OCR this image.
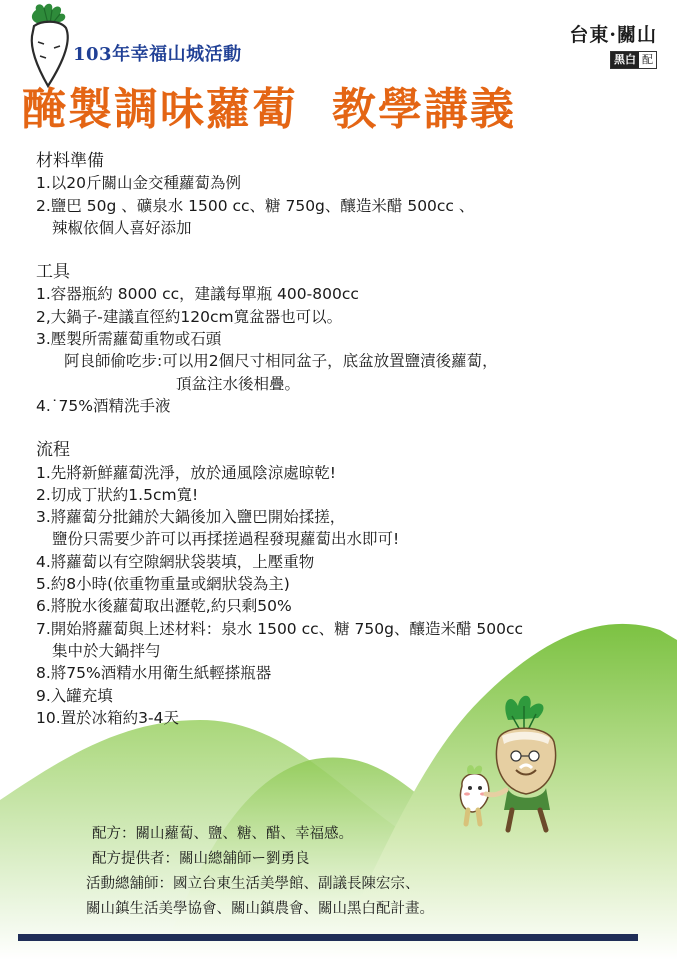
103年幸福山城活動
台東·關山
黑白 配
醃製調味蘿蔔 教學講義
材料準備
1.以20斤關山金交種蘿蔔為例
2.鹽巴 50g 、礦泉水 1500 cc、糖 750g、釀造米醋 500cc 、
辣椒依個人喜好添加
工具
1.容器瓶約 8000 cc，建議每單瓶 400-800cc
2,大鍋子-建議直徑約120cm寬盆器也可以。
3.壓製所需蘿蔔重物或石頭
阿良師偷吃步:可以用2個尺寸相同盆子，底盆放置鹽漬後蘿蔔，
頂盆注水後相疊。
4.˙75%酒精洗手液
流程
1.先將新鮮蘿蔔洗淨，放於通風陰涼處晾乾!
2.切成丁狀約1.5cm寬!
3.將蘿蔔分批鋪於大鍋後加入鹽巴開始揉搓，
鹽份只需要少許可以再揉搓過程發現蘿蔔出水即可!
4.將蘿蔔以有空隙網狀袋裝填，上壓重物
5.約8小時(依重物重量或網狀袋為主)
6.將脫水後蘿蔔取出瀝乾,約只剩50%
7.開始將蘿蔔與上述材料：泉水 1500 cc、糖 750g、釀造米醋 500cc
集中於大鍋拌勻
8.將75%酒精水用衛生紙輕搽瓶器
9.入罐充填
10.置於冰箱約3-4天
配方：關山蘿蔔、鹽、糖、醋、幸福感。
配方提供者：關山總舖師ー劉勇良
活動總舖師：國立台東生活美學館、副議長陳宏宗、
關山鎮生活美學協會、關山鎮農會、關山黑白配計畫。
